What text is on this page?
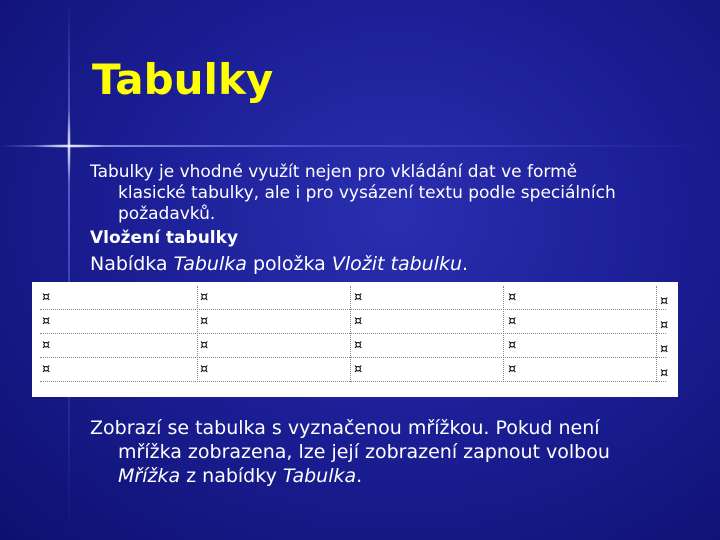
Tabulky

Tabulky je vhodné využít nejen pro vkládání dat ve formě
klasické tabulky, ale i pro vysázení textu podle speciálních
požadavků.

Vložení tabulky

Nabídka Tabulka položka Vložit tabulku.

¤	¤	¤	¤	¤
¤	¤	¤	¤	¤
¤	¤	¤	¤	¤
¤	¤	¤	¤	¤

Zobrazí se tabulka s vyznačenou mřížkou. Pokud není
mřížka zobrazena, lze její zobrazení zapnout volbou
Mřížka z nabídky Tabulka.
